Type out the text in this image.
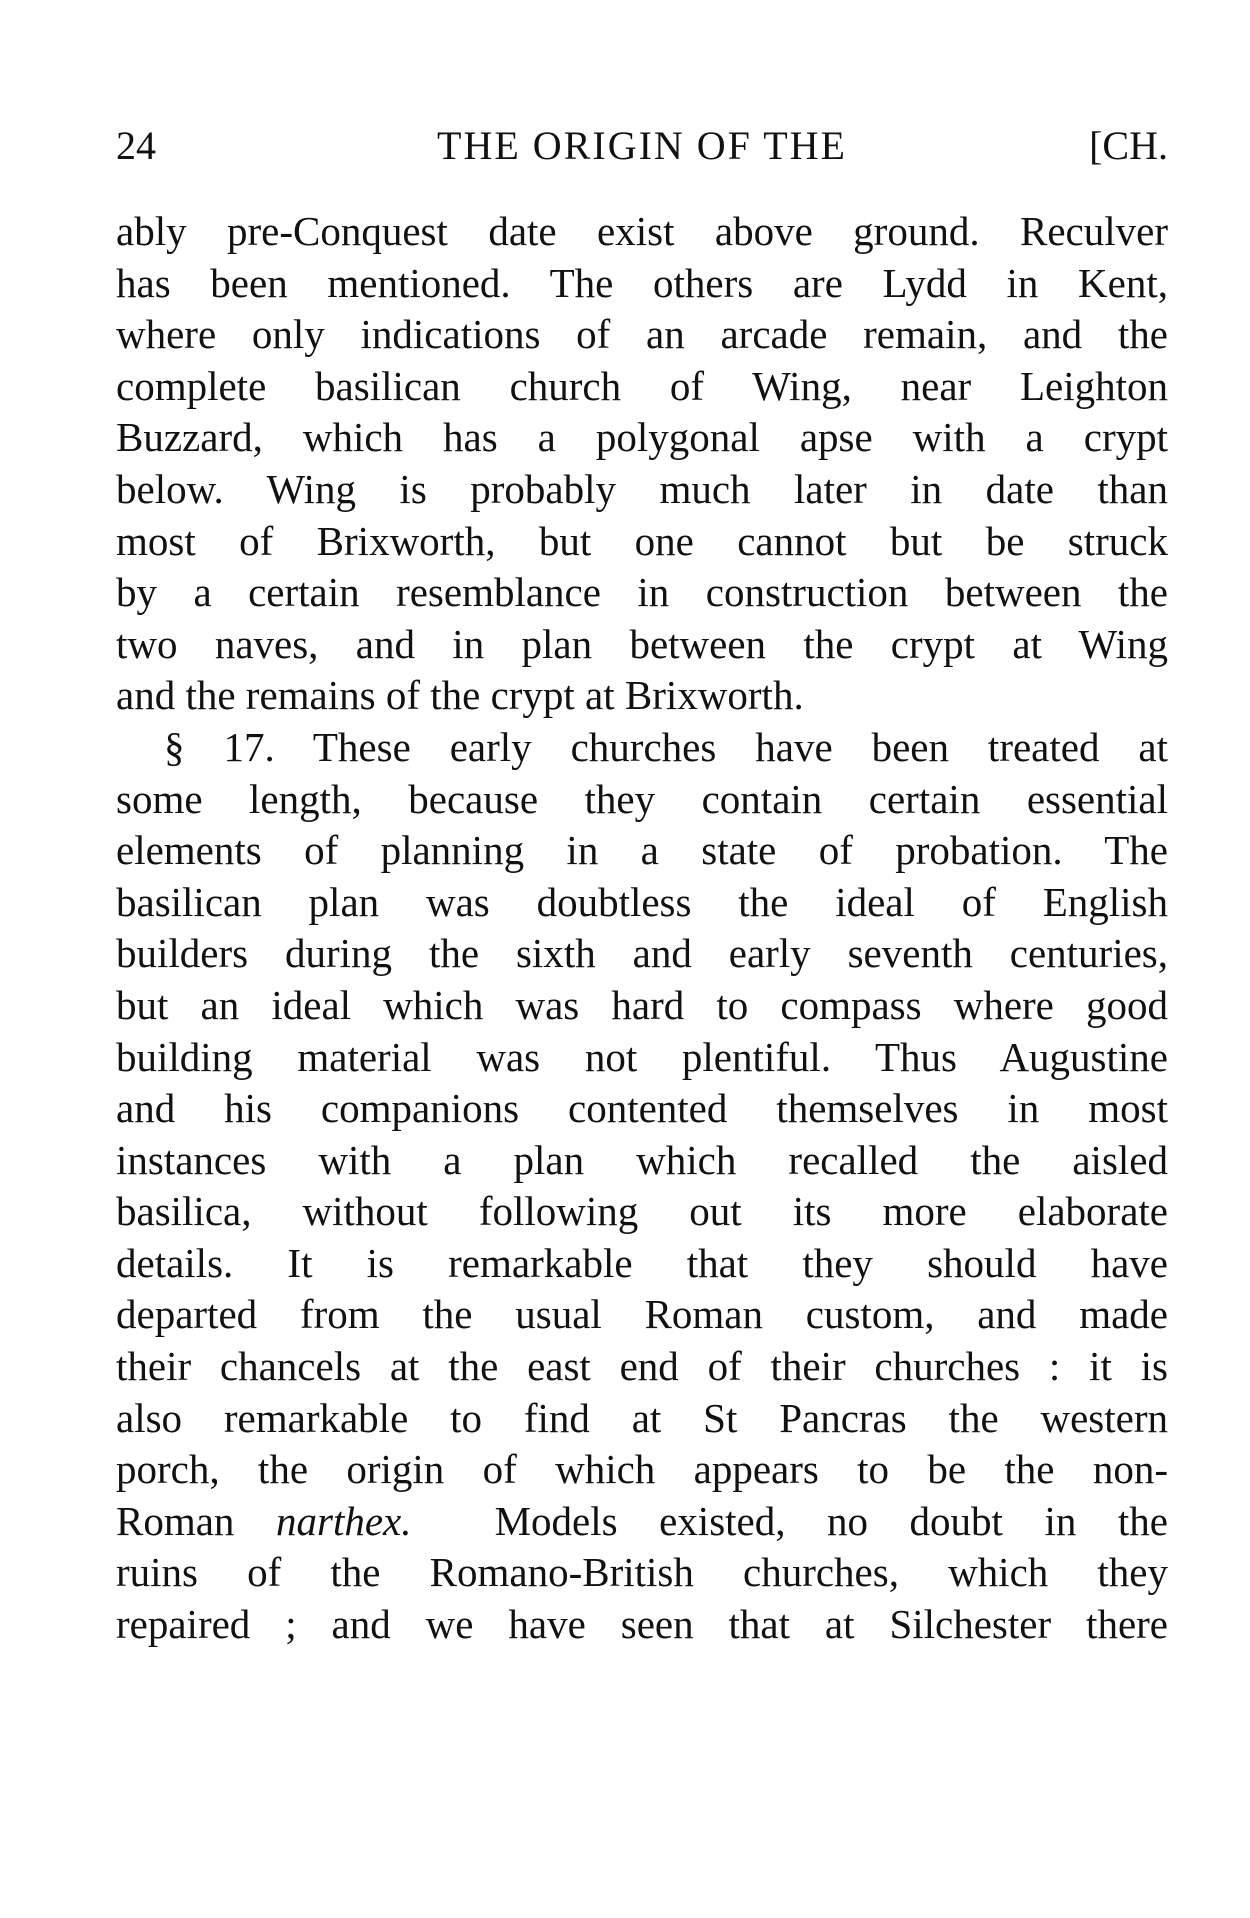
24	THE ORIGIN OF THE	[CH.
ably pre-Conquest date exist above ground. Reculver
has been mentioned. The others are Lydd in Kent,
where only indications of an arcade remain, and the
complete basilican church of Wing, near Leighton
Buzzard, which has a polygonal apse with a crypt
below. Wing is probably much later in date than
most of Brixworth, but one cannot but be struck
by a certain resemblance in construction between the
two naves, and in plan between the crypt at Wing
and the remains of the crypt at Brixworth.
§ 17. These early churches have been treated at
some length, because they contain certain essential
elements of planning in a state of probation. The
basilican plan was doubtless the ideal of English
builders during the sixth and early seventh centuries,
but an ideal which was hard to compass where good
building material was not plentiful. Thus Augustine
and his companions contented themselves in most
instances with a plan which recalled the aisled
basilica, without following out its more elaborate
details. It is remarkable that they should have
departed from the usual Roman custom, and made
their chancels at the east end of their churches : it is
also remarkable to find at St Pancras the western
porch, the origin of which appears to be the non-
Roman narthex. Models existed, no doubt in the
ruins of the Romano-British churches, which they
repaired ; and we have seen that at Silchester there
